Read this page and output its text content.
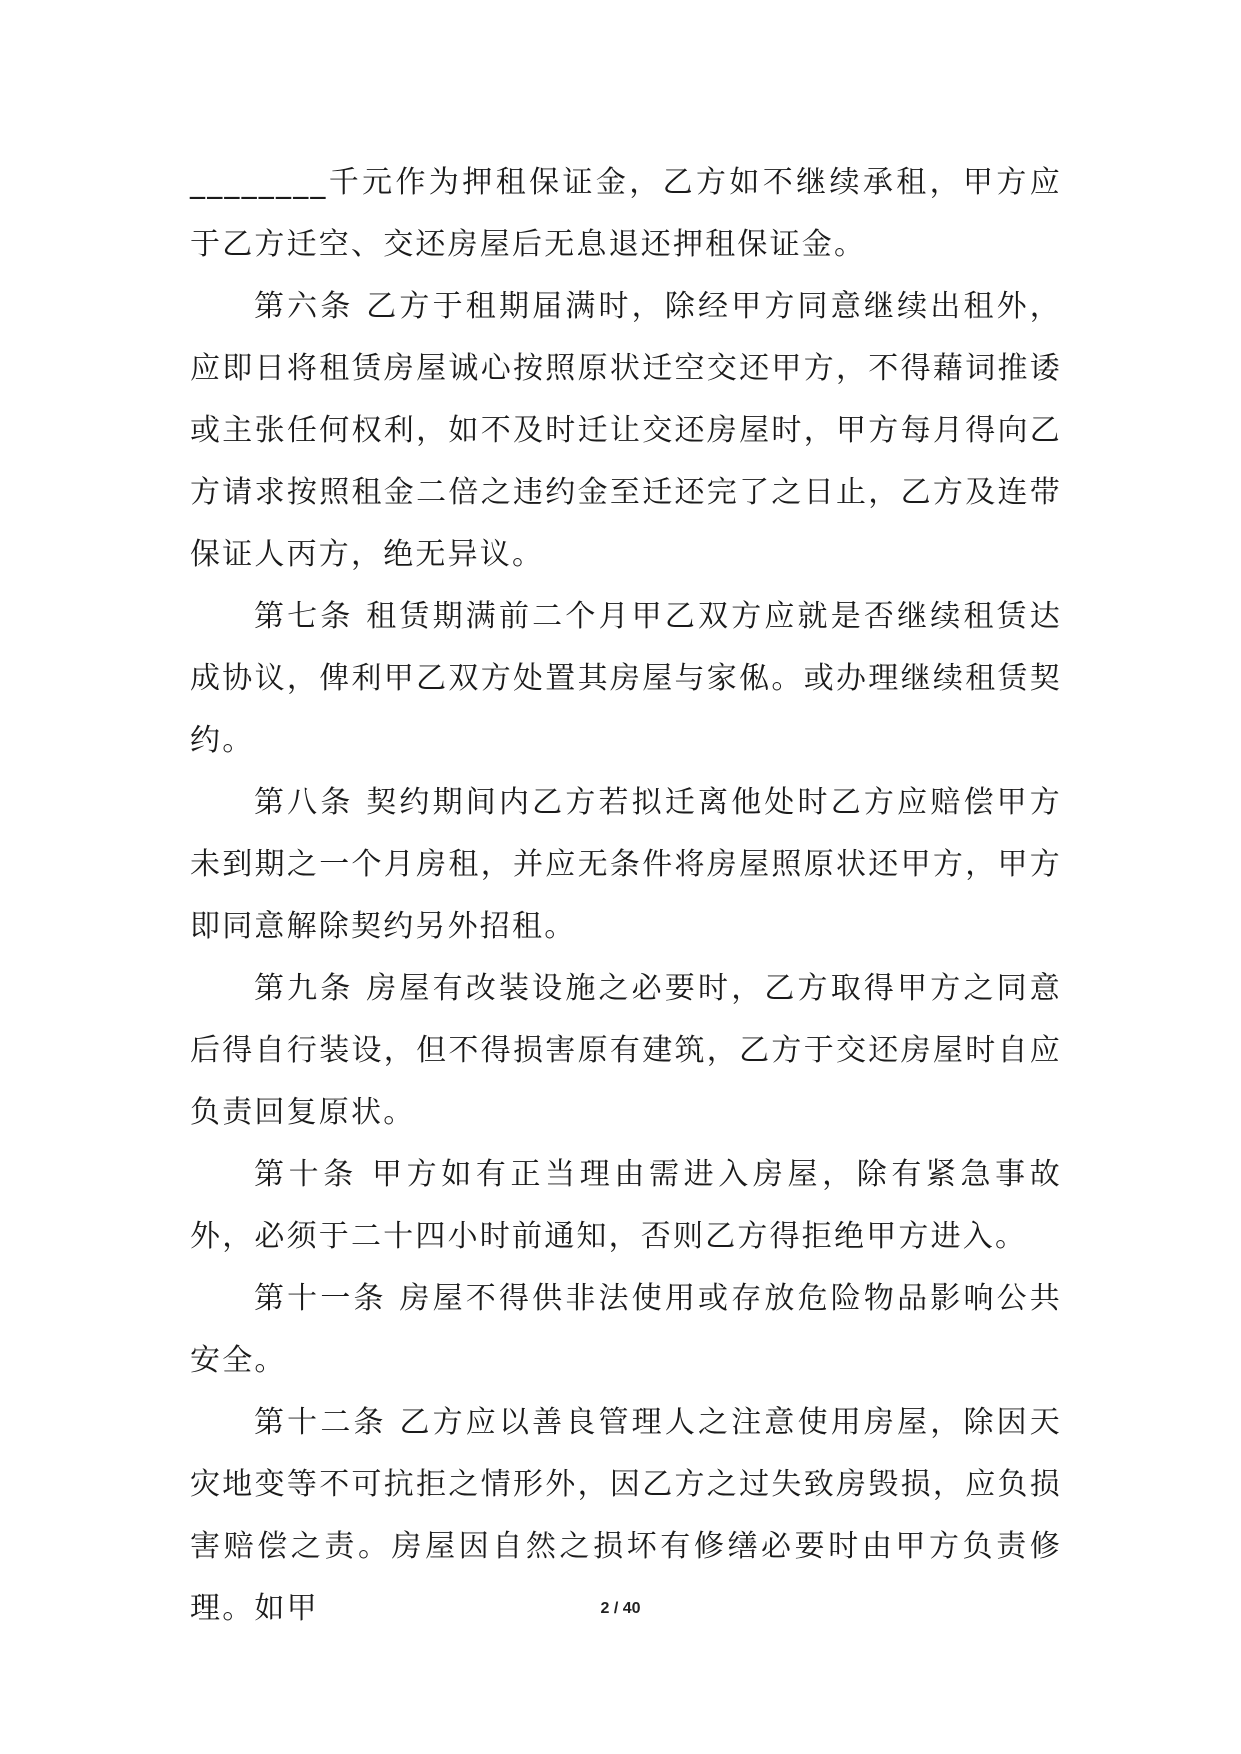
________千元作为押租保证金，乙方如不继续承租，甲方应于乙方迁空、交还房屋后无息退还押租保证金。

第六条 乙方于租期届满时，除经甲方同意继续出租外，应即日将租赁房屋诚心按照原状迁空交还甲方，不得藉词推诿或主张任何权利，如不及时迁让交还房屋时，甲方每月得向乙方请求按照租金二倍之违约金至迁还完了之日止，乙方及连带保证人丙方，绝无异议。

第七条 租赁期满前二个月甲乙双方应就是否继续租赁达成协议，俾利甲乙双方处置其房屋与家俬。或办理继续租赁契约。

第八条 契约期间内乙方若拟迁离他处时乙方应赔偿甲方未到期之一个月房租，并应无条件将房屋照原状还甲方，甲方即同意解除契约另外招租。

第九条 房屋有改装设施之必要时，乙方取得甲方之同意后得自行装设，但不得损害原有建筑，乙方于交还房屋时自应负责回复原状。

第十条 甲方如有正当理由需进入房屋，除有紧急事故外，必须于二十四小时前通知，否则乙方得拒绝甲方进入。

第十一条 房屋不得供非法使用或存放危险物品影响公共安全。

第十二条 乙方应以善良管理人之注意使用房屋，除因天灾地变等不可抗拒之情形外，因乙方之过失致房毁损，应负损害赔偿之责。房屋因自然之损坏有修缮必要时由甲方负责修理。如甲	2 / 40
